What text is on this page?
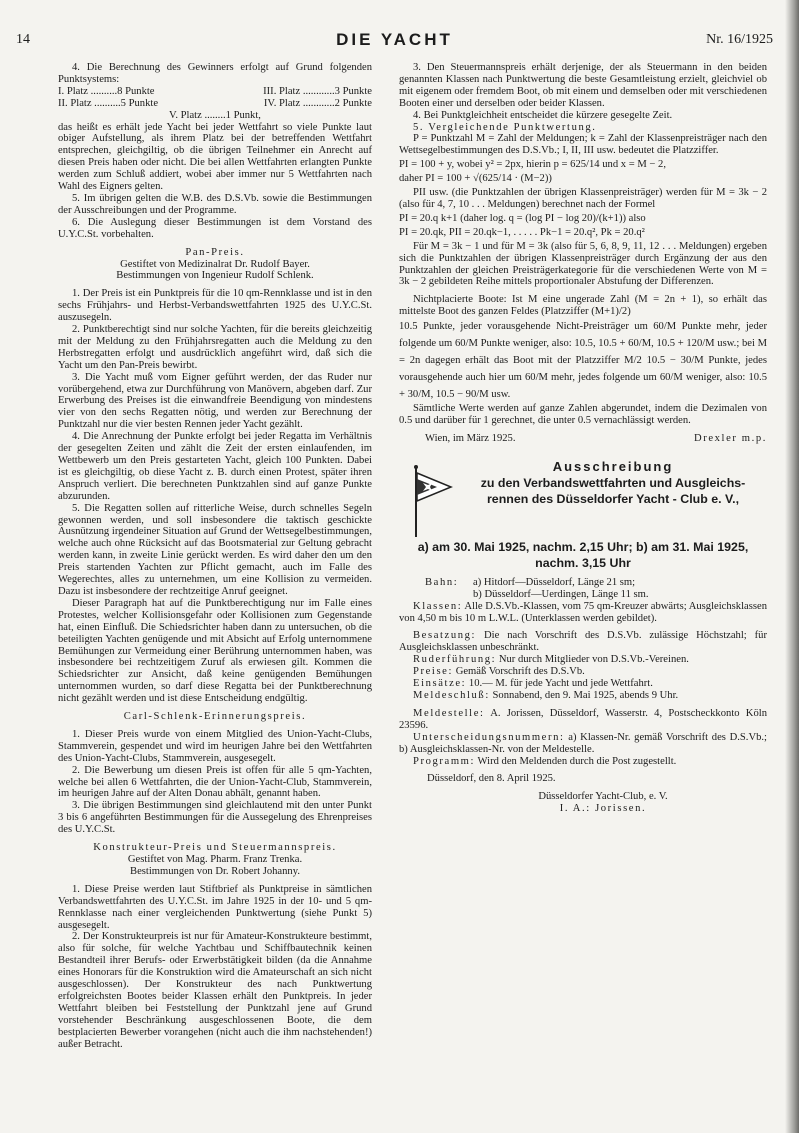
14	DIE YACHT	Nr. 16/1925

4. Die Berechnung des Gewinners erfolgt auf Grund folgenden Punktsystems:

I. Platz ..........8 Punkte	III. Platz ............3 Punkte
II. Platz ..........5 Punkte	IV. Platz ............2 Punkte

V. Platz ........1 Punkt,

das heißt es erhält jede Yacht bei jeder Wettfahrt so viele Punkte laut obiger Aufstellung, als ihrem Platz bei der betreffenden Wettfahrt entsprechen, gleichgiltig, ob die übrigen Teilnehmer ein Anrecht auf diesen Preis haben oder nicht. Die bei allen Wettfahrten erlangten Punkte werden zum Schluß addiert, wobei aber immer nur 5 Wettfahrten nach Wahl des Eigners gelten.

5. Im übrigen gelten die W.B. des D.S.Vb. sowie die Bestimmungen der Ausschreibungen und der Programme.

6. Die Auslegung dieser Bestimmungen ist dem Vorstand des U.Y.C.St. vorbehalten.

Pan-Preis.

Gestiftet von Medizinalrat Dr. Rudolf Bayer.

Bestimmungen von Ingenieur Rudolf Schlenk.

1. Der Preis ist ein Punktpreis für die 10 qm-Rennklasse und ist in den sechs Frühjahrs- und Herbst-Verbandswettfahrten 1925 des U.Y.C.St. auszusegeln.

2. Punktberechtigt sind nur solche Yachten, für die bereits gleichzeitig mit der Meldung zu den Frühjahrsregatten auch die Meldung zu den Herbstregatten erfolgt und ausdrücklich angeführt wird, daß sich die Yacht um den Pan-Preis bewirbt.

3. Die Yacht muß vom Eigner geführt werden, der das Ruder nur vorübergehend, etwa zur Durchführung von Manövern, abgeben darf. Zur Erwerbung des Preises ist die einwandfreie Beendigung von mindestens vier von den sechs Regatten nötig, und werden zur Berechnung der Punktzahl nur die vier besten Rennen jeder Yacht gezählt.

4. Die Anrechnung der Punkte erfolgt bei jeder Regatta im Verhältnis der gesegelten Zeiten und zählt die Zeit der ersten einlaufenden, im Wettbewerb um den Preis gestarteten Yacht, gleich 100 Punkten. Dabei ist es gleichgiltig, ob diese Yacht z. B. durch einen Protest, später ihren Anspruch verliert. Die berechneten Punktzahlen sind auf ganze Punkte abzurunden.

5. Die Regatten sollen auf ritterliche Weise, durch schnelles Segeln gewonnen werden, und soll insbesondere die taktisch geschickte Ausnützung irgendeiner Situation auf Grund der Wettsegelbestimmungen, welche auch ohne Rücksicht auf das Bootsmaterial zur Geltung gebracht werden kann, in zweite Linie gerückt werden. Es wird daher den um den Preis startenden Yachten zur Pflicht gemacht, auch im Falle des Wegerechtes, alles zu unternehmen, um eine Kollision zu vermeiden. Dazu ist insbesondere der rechtzeitige Anruf geeignet.

Dieser Paragraph hat auf die Punktberechtigung nur im Falle eines Protestes, welcher Kollisionsgefahr oder Kollisionen zum Gegenstande hat, einen Einfluß. Die Schiedsrichter haben dann zu untersuchen, ob die beteiligten Yachten genügende und mit Absicht auf Erfolg unternommene Bemühungen zur Vermeidung einer Berührung unternommen haben, was insbesondere bei rechtzeitigem Zuruf als erwiesen gilt. Kommen die Schiedsrichter zur Ansicht, daß keine genügenden Bemühungen unternommen wurden, so darf diese Regatta bei der Punktberechnung nicht gezählt werden und ist diese Entscheidung endgültig.

Carl-Schlenk-Erinnerungspreis.

1. Dieser Preis wurde von einem Mitglied des Union-Yacht-Clubs, Stammverein, gespendet und wird im heurigen Jahre bei den Wettfahrten des Union-Yacht-Clubs, Stammverein, ausgesegelt.

2. Die Bewerbung um diesen Preis ist offen für alle 5 qm-Yachten, welche bei allen 6 Wettfahrten, die der Union-Yacht-Club, Stammverein, im heurigen Jahre auf der Alten Donau abhält, genannt haben.

3. Die übrigen Bestimmungen sind gleichlautend mit den unter Punkt 3 bis 6 angeführten Bestimmungen für die Aussegelung des Ehrenpreises des U.Y.C.St.

Konstrukteur-Preis und Steuermannspreis.

Gestiftet von Mag. Pharm. Franz Trenka.

Bestimmungen von Dr. Robert Johanny.

1. Diese Preise werden laut Stiftbrief als Punktpreise in sämtlichen Verbandswettfahrten des U.Y.C.St. im Jahre 1925 in der 10- und 5 qm-Rennklasse nach einer vergleichenden Punktwertung (siehe Punkt 5) ausgesegelt.

2. Der Konstrukteurpreis ist nur für Amateur-Konstrukteure bestimmt, also für solche, für welche Yachtbau und Schiffbautechnik keinen Bestandteil ihrer Berufs- oder Erwerbstätigkeit bilden (da die Annahme eines Honorars für die Konstruktion wird die Amateurschaft an sich nicht ausgeschlossen). Der Konstrukteur des nach Punktwertung erfolgreichsten Bootes beider Klassen erhält den Punktpreis. In jeder Wettfahrt bleiben bei Feststellung der Punktzahl jene auf Grund vorstehender Beschränkung ausgeschlossenen Boote, die dem bestplacierten Bewerber vorangehen (nicht auch die ihm nachstehenden!) außer Betracht.

3. Den Steuermannspreis erhält derjenige, der als Steuermann in den beiden genannten Klassen nach Punktwertung die beste Gesamtleistung erzielt, gleichviel ob mit eigenem oder fremdem Boot, ob mit einem und demselben oder mit verschiedenen Booten einer und derselben oder beider Klassen.

4. Bei Punktgleichheit entscheidet die kürzere gesegelte Zeit.

5. Vergleichende Punktwertung.

P = Punktzahl M = Zahl der Meldungen; k = Zahl der Klassenpreisträger nach den Wettsegelbestimmungen des D.S.Vb.; I, II, III usw. bedeutet die Platzziffer.

PI = 100 + y, wobei y² = 2px, hierin p = 625/14 und x = M − 2,

daher PI = 100 + √(625/14 · (M−2))

PII usw. (die Punktzahlen der übrigen Klassenpreisträger) werden für M = 3k − 2 (also für 4, 7, 10 . . . Meldungen) berechnet nach der Formel

PI = 20.q k+1 (daher log. q = (log PI − log 20)/(k+1)) also

PI = 20.qk, PII = 20.qk−1, . . . . . Pk−1 = 20.q², Pk = 20.q²

Für M = 3k − 1 und für M = 3k (also für 5, 6, 8, 9, 11, 12 . . . Meldungen) ergeben sich die Punktzahlen der übrigen Klassenpreisträger durch Ergänzung der aus den Punktzahlen der gleichen Preisträgerkategorie für die verschiedenen Werte von M = 3k − 2 gebildeten Reihe mittels proportionaler Abstufung der Differenzen.

Nichtplacierte Boote: Ist M eine ungerade Zahl (M = 2n + 1), so erhält das mittelste Boot des ganzen Feldes (Platzziffer (M+1)/2)

10.5 Punkte, jeder vorausgehende Nicht-Preisträger um 60/M Punkte mehr, jeder folgende um 60/M Punkte weniger, also: 10.5, 10.5 + 60/M, 10.5 + 120/M usw.; bei M = 2n dagegen erhält das Boot mit der Platzziffer M/2 10.5 − 30/M Punkte, jedes vorausgehende auch hier um 60/M mehr, jedes folgende um 60/M weniger, also: 10.5 + 30/M, 10.5 − 90/M usw.

Sämtliche Werte werden auf ganze Zahlen abgerundet, indem die Dezimalen von 0.5 und darüber für 1 gerechnet, die unter 0.5 vernachlässigt werden.

Wien, im März 1925.	Drexler m.p.
Ausschreibung
zu den Verbandswettfahrten und Ausgleichs-
rennen des Düsseldorfer Yacht - Club e. V.,
a) am 30. Mai 1925, nachm. 2,15 Uhr; b) am 31. Mai 1925,
nachm. 3,15 Uhr
Bahn:	a) Hitdorf—Düsseldorf, Länge 21 sm;
b) Düsseldorf—Uerdingen, Länge 11 sm.

Klassen: Alle D.S.Vb.-Klassen, vom 75 qm-Kreuzer abwärts; Ausgleichsklassen von 4,50 m bis 10 m L.W.L. (Unterklassen werden gebildet).

Besatzung: Die nach Vorschrift des D.S.Vb. zulässige Höchstzahl; für Ausgleichsklassen unbeschränkt.

Ruderführung: Nur durch Mitglieder von D.S.Vb.-Vereinen.

Preise: Gemäß Vorschrift des D.S.Vb.

Einsätze: 10.— M. für jede Yacht und jede Wettfahrt.

Meldeschluß: Sonnabend, den 9. Mai 1925, abends 9 Uhr.

Meldestelle: A. Jorissen, Düsseldorf, Wasserstr. 4, Postscheckkonto Köln 23596.

Unterscheidungsnummern: a) Klassen-Nr. gemäß Vorschrift des D.S.Vb.; b) Ausgleichsklassen-Nr. von der Meldestelle.

Programm: Wird den Meldenden durch die Post zugestellt.

Düsseldorf, den 8. April 1925.

Düsseldorfer Yacht-Club, e. V.

I. A.: Jorissen.
